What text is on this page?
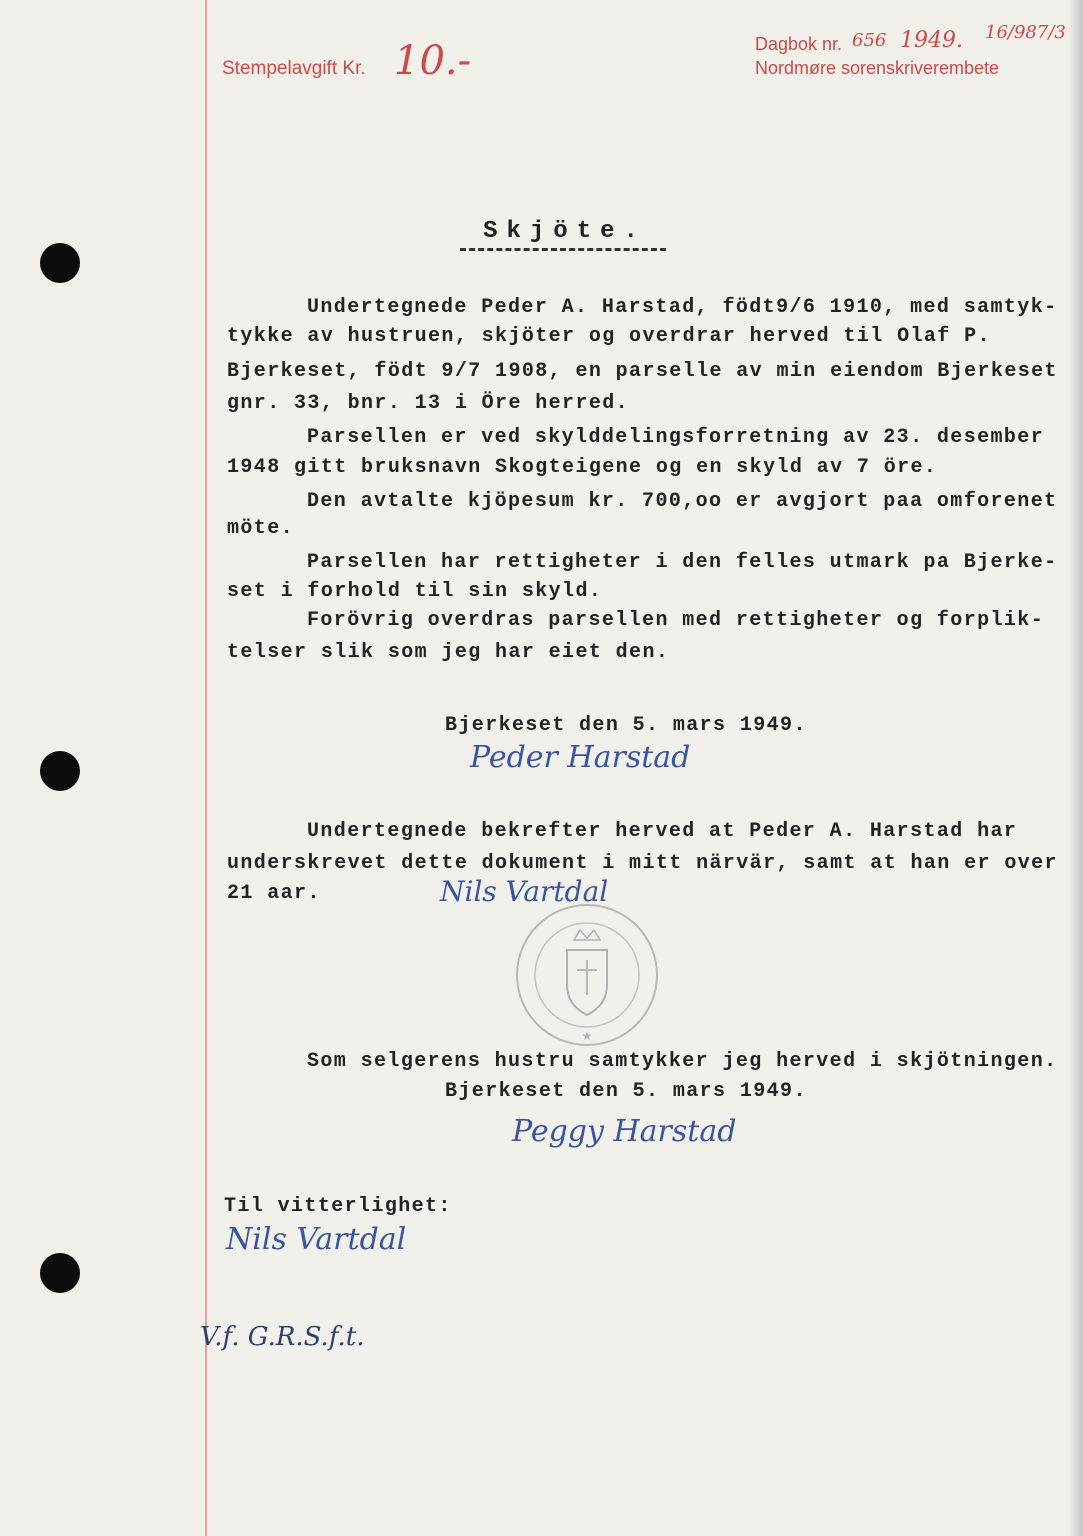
Stempelavgift Kr. 10.-	Dagbok nr. 656 1949. 16/987/3
Nordmøre sorenskriverembete
Skjöte.
Undertegnede Peder A. Harstad, födt9/6 1910, med samtyk-
tykke av hustruen, skjöter og overdrar herved til Olaf P.
Bjerkeset, födt 9/7 1908, en parselle av min eiendom Bjerkeset
gnr. 33, bnr. 13 i Öre herred.
Parsellen er ved skylddelingsforretning av 23. desember
1948 gitt bruksnavn Skogteigene og en skyld av 7 öre.
Den avtalte kjöpesum kr. 700,oo er avgjort paa omforenet
möte.
Parsellen har rettigheter i den felles utmark pa Bjerke-
set i forhold til sin skyld.
Forövrig overdras parsellen med rettigheter og forplik-
telser slik som jeg har eiet den.
Bjerkeset den 5. mars 1949.
Peder Harstad
Undertegnede bekrefter herved at Peder A. Harstad har
underskrevet dette dokument i mitt närvär, samt at han er over
21 aar.	Nils Vartdal
★
Som selgerens hustru samtykker jeg herved i skjötningen.
Bjerkeset den 5. mars 1949.
Peggy Harstad
Til vitterlighet:
Nils Vartdal
V.f. G.R.S.f.t.
